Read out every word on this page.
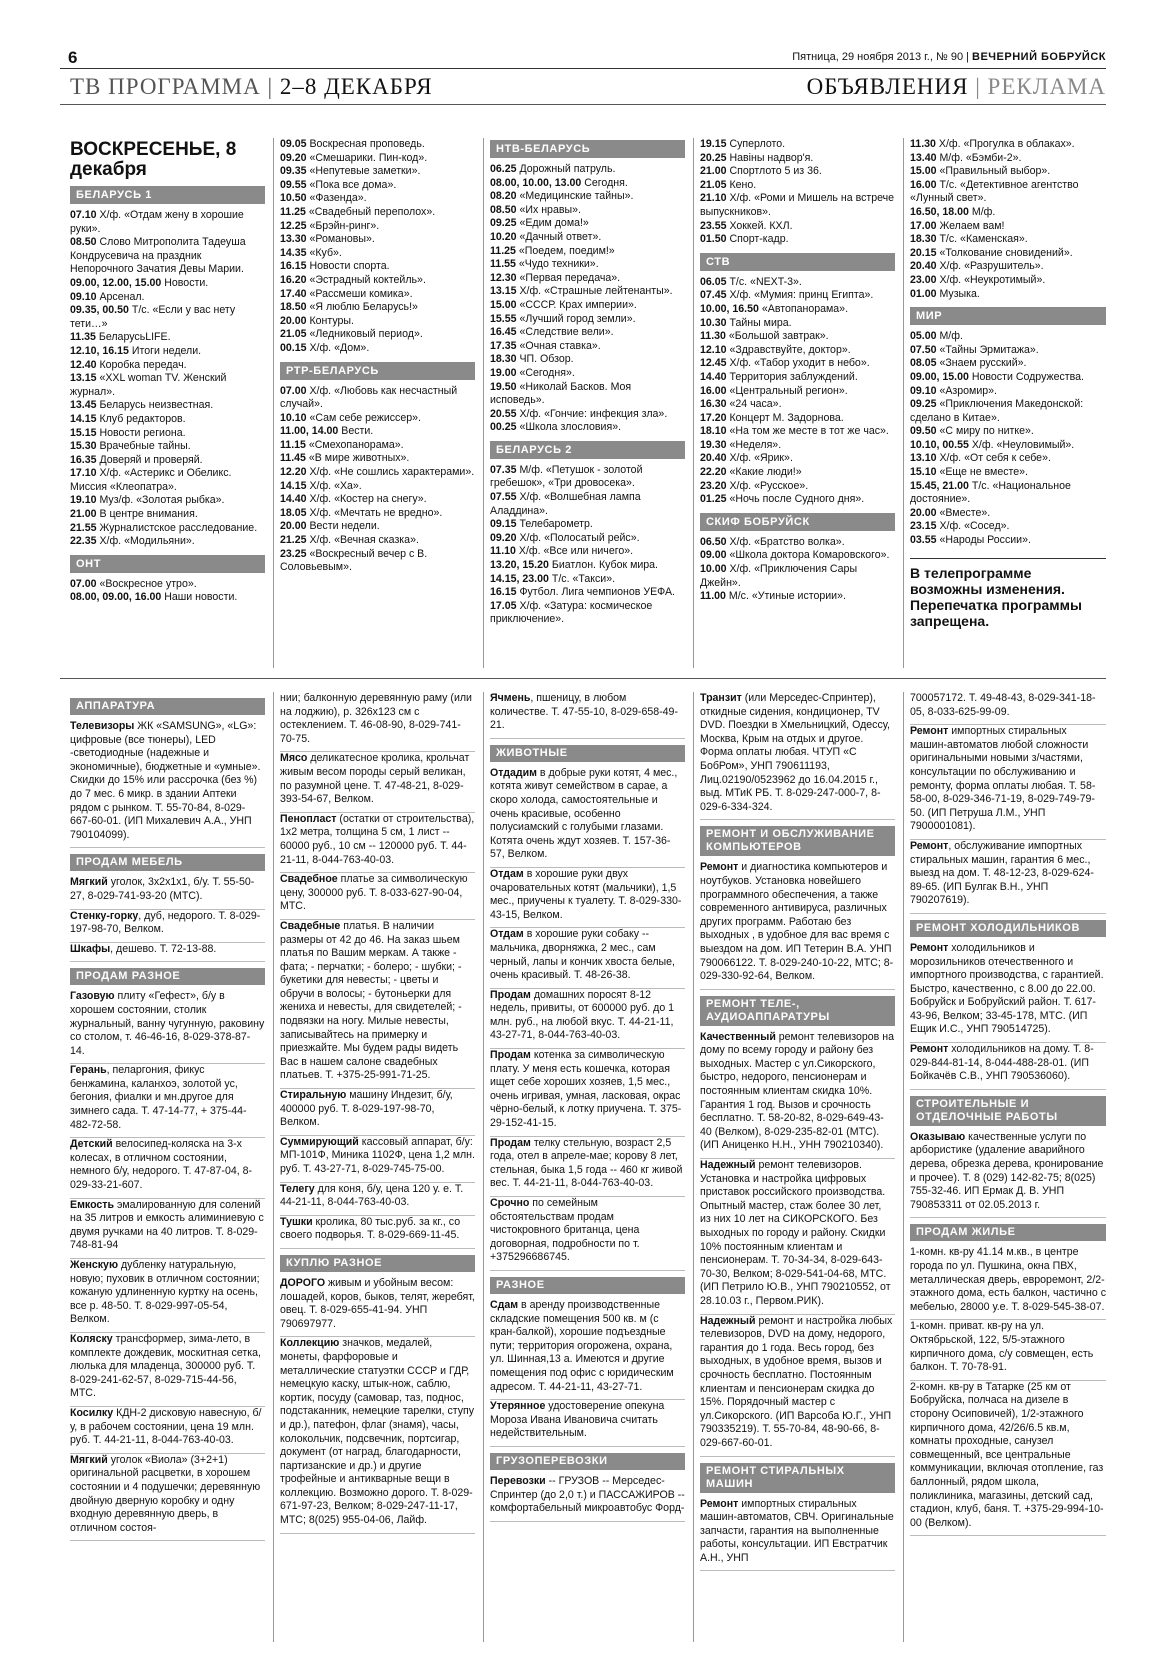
6	Пятница, 29 ноября 2013 г., № 90 | ВЕЧЕРНИЙ БОБРУЙСК
ТВ ПРОГРАММА | 2–8 ДЕКАБРЯ	ОБЪЯВЛЕНИЯ | РЕКЛАМА
ВОСКРЕСЕНЬЕ, 8 декабря
БЕЛАРУСЬ 1

07.10 Х/ф. «Отдам жену в хорошие руки».

08.50 Слово Митрополита Тадеуша Кондрусевича на праздник Непорочного Зачатия Девы Марии.

09.00, 12.00, 15.00 Новости.

09.10 Арсенал.

09.35, 00.50 Т/с. «Если у вас нету тети…»

11.35 БеларусьLIFE.

12.10, 16.15 Итоги недели.

12.40 Коробка передач.

13.15 «XXL woman TV. Женский журнал».

13.45 Беларусь неизвестная.

14.15 Клуб редакторов.

15.15 Новости региона.

15.30 Врачебные тайны.

16.35 Доверяй и проверяй.

17.10 Х/ф. «Астерикс и Обеликс. Миссия «Клеопатра».

19.10 Муз/ф. «Золотая рыбка».

21.00 В центре внимания.

21.55 Журналистское расследование.

22.35 Х/ф. «Модильяни».

ОНТ

07.00 «Воскресное утро».

08.00, 09.00, 16.00 Наши новости.

09.05 Воскресная проповедь.

09.20 «Смешарики. Пин-код».

09.35 «Непутевые заметки».

09.55 «Пока все дома».

10.50 «Фазенда».

11.25 «Свадебный переполох».

12.25 «Брэйн-ринг».

13.30 «Романовы».

14.35 «Куб».

16.15 Новости спорта.

16.20 «Эстрадный коктейль».

17.40 «Рассмеши комика».

18.50 «Я люблю Беларусь!»

20.00 Контуры.

21.05 «Ледниковый период».

00.15 Х/ф. «Дом».

РТР-БЕЛАРУСЬ

07.00 Х/ф. «Любовь как несчастный случай».

10.10 «Сам себе режиссер».

11.00, 14.00 Вести.

11.15 «Смехопанорама».

11.45 «В мире животных».

12.20 Х/ф. «Не сошлись характерами».

14.15 Х/ф. «Ха».

14.40 Х/ф. «Костер на снегу».

18.05 Х/ф. «Мечтать не вредно».

20.00 Вести недели.

21.25 Х/ф. «Вечная сказка».

23.25 «Воскресный вечер с В. Соловьевым».

НТВ-БЕЛАРУСЬ

06.25 Дорожный патруль.

08.00, 10.00, 13.00 Сегодня.

08.20 «Медицинские тайны».

08.50 «Их нравы».

09.25 «Едим дома!»

10.20 «Дачный ответ».

11.25 «Поедем, поедим!»

11.55 «Чудо техники».

12.30 «Первая передача».

13.15 Х/ф. «Страшные лейтенанты».

15.00 «СССР. Крах империи».

15.55 «Лучший город земли».

16.45 «Следствие вели».

17.35 «Очная ставка».

18.30 ЧП. Обзор.

19.00 «Сегодня».

19.50 «Николай Басков. Моя исповедь».

20.55 Х/ф. «Гончие: инфекция зла».

00.25 «Школа злословия».

БЕЛАРУСЬ 2

07.35 М/ф. «Петушок - золотой гребешок», «Три дровосека».

07.55 Х/ф. «Волшебная лампа Аладдина».

09.15 Телебарометр.

09.20 Х/ф. «Полосатый рейс».

11.10 Х/ф. «Все или ничего».

13.20, 15.20 Биатлон. Кубок мира.

14.15, 23.00 Т/с. «Такси».

16.15 Футбол. Лига чемпионов УЕФА.

17.05 Х/ф. «Затура: космическое приключение».

19.15 Суперлото.

20.25 Навіны надвор'я.

21.00 Спортлото 5 из 36.

21.05 Кено.

21.10 Х/ф. «Роми и Мишель на встрече выпускников».

23.55 Хоккей. КХЛ.

01.50 Спорт-кадр.

СТВ

06.05 Т/с. «NEXT-3».

07.45 Х/ф. «Мумия: принц Египта».

10.00, 16.50 «Автопанорама».

10.30 Тайны мира.

11.30 «Большой завтрак».

12.10 «Здравствуйте, доктор».

12.45 Х/ф. «Табор уходит в небо».

14.40 Территория заблуждений.

16.00 «Центральный регион».

16.30 «24 часа».

17.20 Концерт М. Задорнова.

18.10 «На том же месте в тот же час».

19.30 «Неделя».

20.40 Х/ф. «Ярик».

22.20 «Какие люди!»

23.20 Х/ф. «Русское».

01.25 «Ночь после Судного дня».

СКИФ БОБРУЙСК

06.50 Х/ф. «Братство волка».

09.00 «Школа доктора Комаровского».

10.00 Х/ф. «Приключения Сары Джейн».

11.00 М/с. «Утиные истории».

11.30 Х/ф. «Прогулка в облаках».

13.40 М/ф. «Бэмби-2».

15.00 «Правильный выбор».

16.00 Т/с. «Детективное агентство «Лунный свет».

16.50, 18.00 М/ф.

17.00 Желаем вам!

18.30 Т/с. «Каменская».

20.15 «Толкование сновидений».

20.40 Х/ф. «Разрушитель».

23.00 Х/ф. «Неукротимый».

01.00 Музыка.

МИР

05.00 М/ф.

07.50 «Тайны Эрмитажа».

08.05 «Знаем русский».

09.00, 15.00 Новости Содружества.

09.10 «Азромир».

09.25 «Приключения Македонской: сделано в Китае».

09.50 «С миру по нитке».

10.10, 00.55 Х/ф. «Неуловимый».

13.10 Х/ф. «От себя к себе».

15.10 «Еще не вместе».

15.45, 21.00 Т/с. «Национальное достояние».

20.00 «Вместе».

23.15 Х/ф. «Сосед».

03.55 «Народы России».

В телепрограмме возможны изменения. Перепечатка программы запрещена.
АППАРАТУРА

Телевизоры ЖК «SAMSUNG», «LG»: цифровые (все тюнеры), LED -светодиодные (надежные и экономичные), бюджетные и «умные». Скидки до 15% или рассрочка (без %) до 7 мес. 6 микр. в здании Аптеки рядом с рынком. Т. 55-70-84, 8-029-667-60-01. (ИП Михалевич А.А., УНП 790104099).

ПРОДАМ МЕБЕЛЬ

Мягкий уголок, 3х2х1х1, б/у. Т. 55-50-27, 8-029-741-93-20 (МТС).

Стенку-горку, дуб, недорого. Т. 8-029-197-98-70, Велком.

Шкафы, дешево. Т. 72-13-88.

ПРОДАМ РАЗНОЕ

Газовую плиту «Гефест», б/у в хорошем состоянии, столик журнальный, ванну чугунную, раковину со столом, т. 46-46-16, 8-029-378-87-14.

Герань, пеларгония, фикус бенжамина, каланхоэ, золотой ус, бегония, фиалки и мн.другое для зимнего сада. Т. 47-14-77, + 375-44-482-72-58.

Детский велосипед-коляска на 3-х колесах, в отличном состоянии, немного б/у, недорого. Т. 47-87-04, 8-029-33-21-607.

Емкость эмалированную для солений на 35 литров и емкость алиминиевую с двумя ручками на 40 литров. Т. 8-029-748-81-94

Женскую дубленку натуральную, новую; пуховик в отличном состоянии; кожаную удлиненную куртку на осень, все р. 48-50. Т. 8-029-997-05-54, Велком.

Коляску трансформер, зима-лето, в комплекте дождевик, москитная сетка, люлька для младенца, 300000 руб. Т. 8-029-241-62-57, 8-029-715-44-56, МТС.

Косилку КДН-2 дисковую навесную, б/у, в рабочем состоянии, цена 19 млн. руб. Т. 44-21-11, 8-044-763-40-03.

Мягкий уголок «Виола» (3+2+1) оригинальной расцветки, в хорошем состоянии и 4 подушечки; деревянную двойную дверную коробку и одну входную деревянную дверь, в отличном состоя-

нии; балконную деревянную раму (или на лоджию), р. 326х123 см с остеклением. Т. 46-08-90, 8-029-741-70-75.

Мясо деликатесное кролика, крольчат живым весом породы серый великан, по разумной цене. Т. 47-48-21, 8-029-393-54-67, Велком.

Пенопласт (остатки от строительства), 1х2 метра, толщина 5 см, 1 лист -- 60000 руб., 10 см -- 120000 руб. Т. 44-21-11, 8-044-763-40-03.

Свадебное платье за символическую цену, 300000 руб. Т. 8-033-627-90-04, МТС.

Свадебные платья. В наличии размеры от 42 до 46. На заказ шьем платья по Вашим меркам. А также - фата; - перчатки; - болеро; - шубки; - букетики для невесты; - цветы и обручи в волосы; - бутоньерки для жениха и невесты, для свидетелей; - подвязки на ногу. Милые невесты, записывайтесь на примерку и приезжайте. Мы будем рады видеть Вас в нашем салоне свадебных платьев. Т. +375-25-991-71-25.

Стиральную машину Индезит, б/у, 400000 руб. Т. 8-029-197-98-70, Велком.

Суммирующий кассовый аппарат, б/у: МП-101Ф, Миника 1102Ф, цена 1,2 млн. руб. Т. 43-27-71, 8-029-745-75-00.

Телегу для коня, б/у, цена 120 у. е. Т. 44-21-11, 8-044-763-40-03.

Тушки кролика, 80 тыс.руб. за кг., со своего подворья. Т. 8-029-669-11-45.

КУПЛЮ РАЗНОЕ

ДОРОГО живым и убойным весом: лошадей, коров, быков, телят, жеребят, овец. Т. 8-029-655-41-94. УНП 790697977.

Коллекцию значков, медалей, монеты, фарфоровые и металлические статуэтки СССР и ГДР, немецкую каску, штык-нож, саблю, кортик, посуду (самовар, таз, поднос, подстаканник, немецкие тарелки, ступу и др.), патефон, флаг (знамя), часы, колокольчик, подсвечник, портсигар, документ (от наград, благодарности, партизанские и др.) и другие трофейные и антикварные вещи в коллекцию. Возможно дорого. Т. 8-029-671-97-23, Велком; 8-029-247-11-17, МТС; 8(025) 955-04-06, Лайф.

Ячмень, пшеницу, в любом количестве. Т. 47-55-10, 8-029-658-49-21.

ЖИВОТНЫЕ

Отдадим в добрые руки котят, 4 мес., котята живут семейством в сарае, а скоро холода, самостоятельные и очень красивые, особенно полусиамский с голубыми глазами. Котята очень ждут хозяев. Т. 157-36-57, Велком.

Отдам в хорошие руки двух очаровательных котят (мальчики), 1,5 мес., приучены к туалету. Т. 8-029-330-43-15, Велком.

Отдам в хорошие руки собаку -- мальчика, дворняжка, 2 мес., сам черный, лапы и кончик хвоста белые, очень красивый. Т. 48-26-38.

Продам домашних поросят 8-12 недель, привиты, от 600000 руб. до 1 млн. руб., на любой вкус. Т. 44-21-11, 43-27-71, 8-044-763-40-03.

Продам котенка за символическую плату. У меня есть кошечка, которая ищет себе хороших хозяев, 1,5 мес., очень игривая, умная, ласковая, окрас чёрно-белый, к лотку приучена. Т. 375-29-152-41-15.

Продам телку стельную, возраст 2,5 года, отел в апреле-мае; корову 8 лет, стельная, быка 1,5 года -- 460 кг живой вес. Т. 44-21-11, 8-044-763-40-03.

Срочно по семейным обстоятельствам продам чистокровного британца, цена договорная, подробности по т. +375296686745.

РАЗНОЕ

Сдам в аренду производственные складские помещения 500 кв. м (с кран-балкой), хорошие подъездные пути; территория огорожена, охрана, ул. Шинная,13 а. Имеются и другие помещения под офис с юридическим адресом. Т. 44-21-11, 43-27-71.

Утерянное удостоверение опекуна Мороза Ивана Ивановича считать недействительным.

ГРУЗОПЕРЕВОЗКИ

Перевозки -- ГРУЗОВ -- Мерседес-Спринтер (до 2,0 т.) и ПАССАЖИРОВ -- комфортабельный микроавтобус Форд-

Транзит (или Мерседес-Спринтер), откидные сидения, кондиционер, TV DVD. Поездки в Хмельницкий, Одессу, Москва, Крым на отдых и другое. Форма оплаты любая. ЧТУП «С БобРом», УНП 790611193, Лиц.02190/0523962 до 16.04.2015 г., выд. МТиК РБ. Т. 8-029-247-000-7, 8-029-6-334-324.

РЕМОНТ И ОБСЛУЖИВАНИЕ КОМПЬЮТЕРОВ

Ремонт и диагностика компьютеров и ноутбуков. Установка новейшего программного обеспечения, а также современного антивируса, различных других программ. Работаю без выходных , в удобное для вас время с выездом на дом. ИП Тетерин В.А. УНП 790066122. Т. 8-029-240-10-22, МТС; 8-029-330-92-64, Велком.

РЕМОНТ ТЕЛЕ-, АУДИОАППАРАТУРЫ

Качественный ремонт телевизоров на дому по всему городу и району без выходных. Мастер с ул.Сикорского, быстро, недорого, пенсионерам и постоянным клиентам скидка 10%. Гарантия 1 год. Вызов и срочность бесплатно. Т. 58-20-82, 8-029-649-43-40 (Велком), 8-029-235-82-01 (МТС). (ИП Аниценко Н.Н., УНН 790210340).

Надежный ремонт телевизоров. Установка и настройка цифровых приставок российского производства. Опытный мастер, стаж более 30 лет, из них 10 лет на СИКОРСКОГО. Без выходных по городу и району. Скидки 10% постоянным клиентам и пенсионерам. Т. 70-34-34, 8-029-643-70-30, Велком; 8-029-541-04-68, МТС. (ИП Петрило Ю.В., УНП 790210552, от 28.10.03 г., Первом.РИК).

Надежный ремонт и настройка любых телевизоров, DVD на дому, недорого, гарантия до 1 года. Весь город, без выходных, в удобное время, вызов и срочность бесплатно. Постоянным клиентам и пенсионерам скидка до 15%. Порядочный мастер с ул.Сикорского. (ИП Варсоба Ю.Г., УНП 790335219). Т. 55-70-84, 48-90-66, 8-029-667-60-01.

РЕМОНТ СТИРАЛЬНЫХ МАШИН

Ремонт импортных стиральных машин-автоматов, СВЧ. Оригинальные запчасти, гарантия на выполненные работы, консультации. ИП Евстратчик А.Н., УНП

700057172. Т. 49-48-43, 8-029-341-18-05, 8-033-625-99-09.

Ремонт импортных стиральных машин-автоматов любой сложности оригинальными новыми з/частями, консультации по обслуживанию и ремонту, форма оплаты любая. Т. 58-58-00, 8-029-346-71-19, 8-029-749-79-50. (ИП Петруша Л.М., УНП 7900001081).

Ремонт, обслуживание импортных стиральных машин, гарантия 6 мес., выезд на дом. Т. 48-12-23, 8-029-624-89-65. (ИП Булгак В.Н., УНП 790207619).

РЕМОНТ ХОЛОДИЛЬНИКОВ

Ремонт холодильников и морозильников отечественного и импортного производства, с гарантией. Быстро, качественно, с 8.00 до 22.00. Бобруйск и Бобруйский район. Т. 617-43-96, Велком; 33-45-178, МТС. (ИП Ещик И.С., УНП 790514725).

Ремонт холодильников на дому. Т. 8-029-844-81-14, 8-044-488-28-01. (ИП Бойкачёв С.В., УНП 790536060).

СТРОИТЕЛЬНЫЕ И ОТДЕЛОЧНЫЕ РАБОТЫ

Оказываю качественные услуги по арбористике (удаление аварийного дерева, обрезка дерева, кронирование и прочее). Т. 8 (029) 142-82-75; 8(025) 755-32-46. ИП Ермак Д. В. УНП 790853311 от 02.05.2013 г.

ПРОДАМ ЖИЛЬЕ

1-комн. кв-ру 41.14 м.кв., в центре города по ул. Пушкина, окна ПВХ, металлическая дверь, евроремонт, 2/2-этажного дома, есть балкон, частично с мебелью, 28000 у.е. Т. 8-029-545-38-07.

1-комн. приват. кв-ру на ул. Октябрьской, 122, 5/5-этажного кирпичного дома, с/у совмещен, есть балкон. Т. 70-78-91.

2-комн. кв-ру в Татарке (25 км от Бобруйска, полчаса на дизеле в сторону Осиповичей), 1/2-этажного кирпичного дома, 42/26/6.5 кв.м, комнаты проходные, санузел совмещенный, все центральные коммуникации, включая отопление, газ баллонный, рядом школа, поликлиника, магазины, детский сад, стадион, клуб, баня. Т. +375-29-994-10-00 (Велком).
